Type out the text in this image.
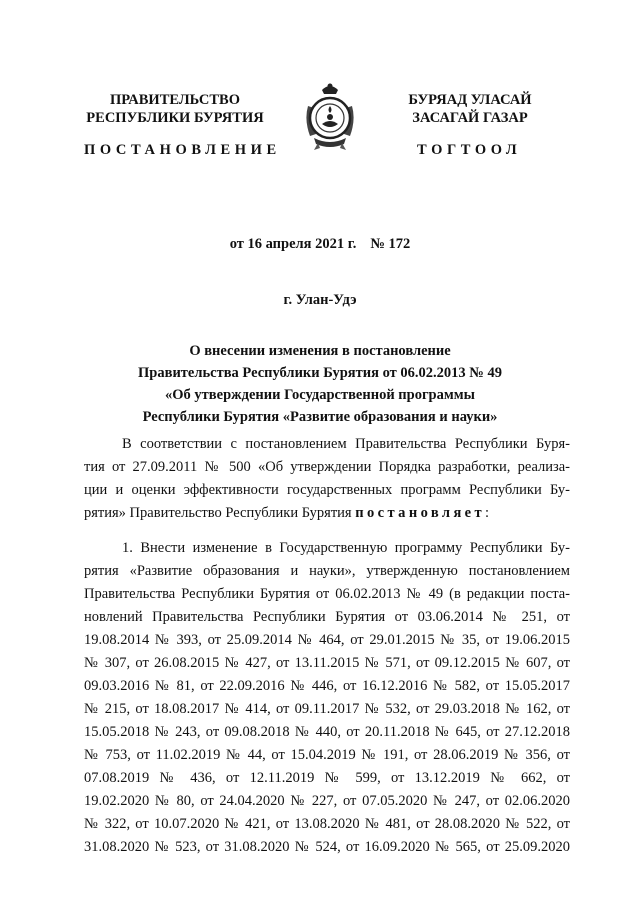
ПРАВИТЕЛЬСТВО
РЕСПУБЛИКИ БУРЯТИЯ
БУРЯАД УЛАСАЙ
ЗАСАГАЙ ГАЗАР
ПОСТАНОВЛЕНИЕ	ТОГТООЛ
от 16 апреля 2021 г. № 172
г. Улан-Удэ
О внесении изменения в постановление
Правительства Республики Бурятия от 06.02.2013 № 49
«Об утверждении Государственной программы
Республики Бурятия «Развитие образования и науки»
В соответствии с постановлением Правительства Республики Буря-
тия от 27.09.2011 № 500 «Об утверждении Порядка разработки, реализа-
ции и оценки эффективности государственных программ Республики Бу-
рятия» Правительство Республики Бурятия постановляет:
1. Внести изменение в Государственную программу Республики Бу-
рятия «Развитие образования и науки», утвержденную постановлением
Правительства Республики Бурятия от 06.02.2013 № 49 (в редакции поста-
новлений Правительства Республики Бурятия от 03.06.2014 № 251, от
19.08.2014 № 393, от 25.09.2014 № 464, от 29.01.2015 № 35, от 19.06.2015
№ 307, от 26.08.2015 № 427, от 13.11.2015 № 571, от 09.12.2015 № 607, от
09.03.2016 № 81, от 22.09.2016 № 446, от 16.12.2016 № 582, от 15.05.2017
№ 215, от 18.08.2017 № 414, от 09.11.2017 № 532, от 29.03.2018 № 162, от
15.05.2018 № 243, от 09.08.2018 № 440, от 20.11.2018 № 645, от 27.12.2018
№ 753, от 11.02.2019 № 44, от 15.04.2019 № 191, от 28.06.2019 № 356, от
07.08.2019 № 436, от 12.11.2019 № 599, от 13.12.2019 № 662, от
19.02.2020 № 80, от 24.04.2020 № 227, от 07.05.2020 № 247, от 02.06.2020
№ 322, от 10.07.2020 № 421, от 13.08.2020 № 481, от 28.08.2020 № 522, от
31.08.2020 № 523, от 31.08.2020 № 524, от 16.09.2020 № 565, от 25.09.2020
